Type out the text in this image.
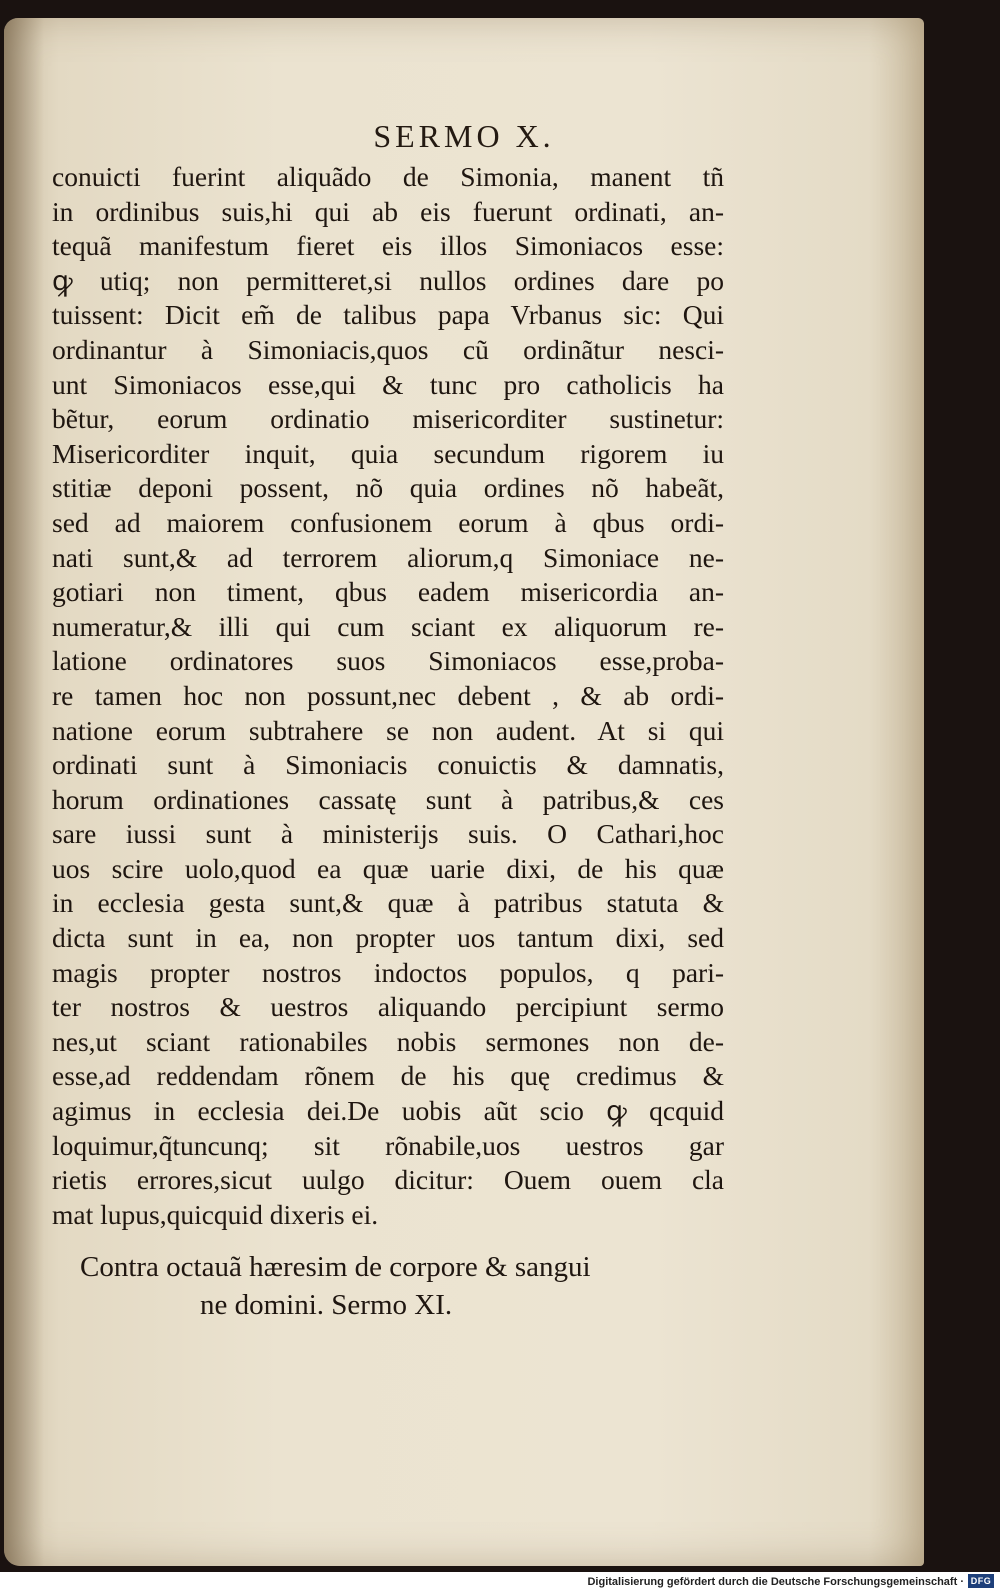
SERMO X.
conuicti fuerint aliquãdo de Simonia, manent tñ
in ordinibus suis,hi qui ab eis fuerunt ordinati, an-
tequã manifestum fieret eis illos Simoniacos esse:
ꝙ utiq; non permitteret,si nullos ordines dare po
tuissent: Dicit em̃ de talibus papa Vrbanus sic: Qui
ordinantur à Simoniacis,quos cũ ordinãtur nesci-
unt Simoniacos esse,qui & tunc pro catholicis ha
bẽtur, eorum ordinatio misericorditer sustinetur:
Misericorditer inquit, quia secundum rigorem iu
stitiæ deponi possent, nõ quia ordines nõ habeãt,
sed ad maiorem confusionem eorum à qbus ordi-
nati sunt,& ad terrorem aliorum,q Simoniace ne-
gotiari non timent, qbus eadem misericordia an-
numeratur,& illi qui cum sciant ex aliquorum re-
latione ordinatores suos Simoniacos esse,proba-
re tamen hoc non possunt,nec debent , & ab ordi-
natione eorum subtrahere se non audent. At si qui
ordinati sunt à Simoniacis conuictis & damnatis,
horum ordinationes cassatę sunt à patribus,& ces
sare iussi sunt à ministerijs suis. O Cathari,hoc
uos scire uolo,quod ea quæ uarie dixi, de his quæ
in ecclesia gesta sunt,& quæ à patribus statuta &
dicta sunt in ea, non propter uos tantum dixi, sed
magis propter nostros indoctos populos, q pari-
ter nostros & uestros aliquando percipiunt sermo
nes,ut sciant rationabiles nobis sermones non de-
esse,ad reddendam rõnem de his quę credimus &
agimus in ecclesia dei.De uobis aũt scio ꝙ qcquid
loquimur,q̃tuncunq; sit rõnabile,uos uestros gar
rietis errores,sicut uulgo dicitur: Ouem ouem cla
mat lupus,quicquid dixeris ei.
Contra octauã hæresim de corpore & sangui
ne domini. Sermo XI.
Digitalisierung gefördert durch die Deutsche Forschungsgemeinschaft · DFG
